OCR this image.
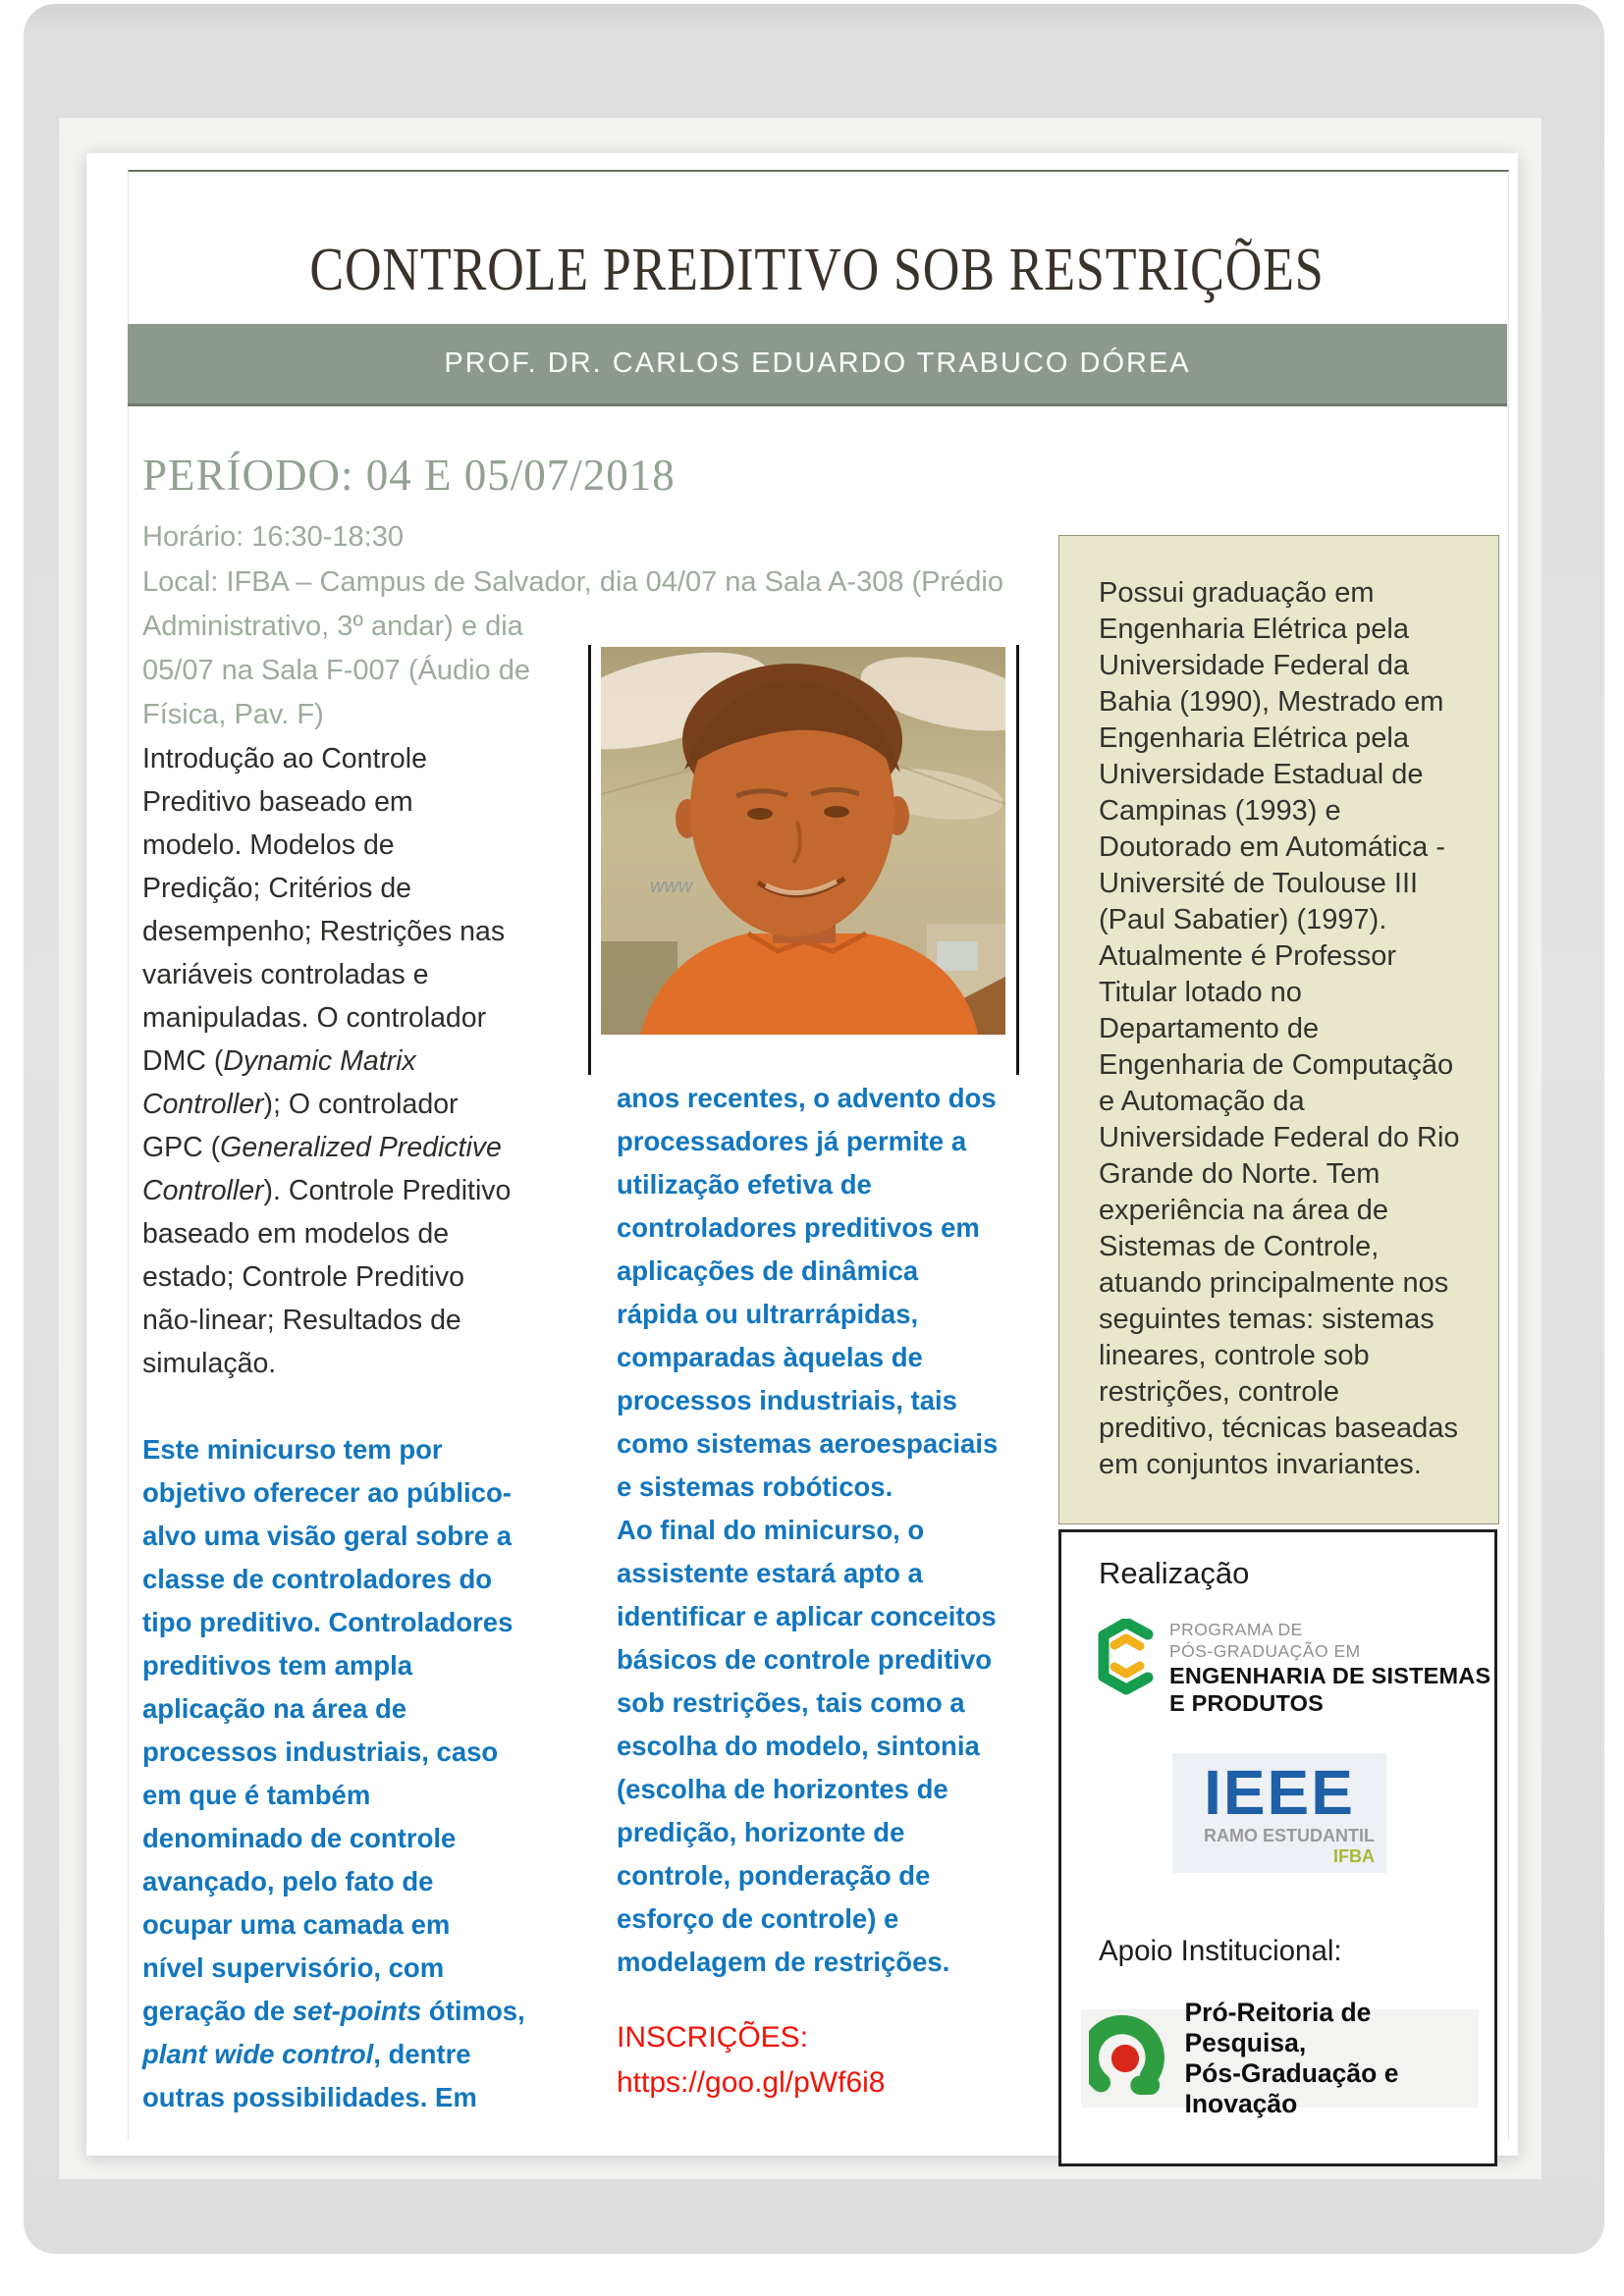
CONTROLE PREDITIVO SOB RESTRIÇÕES
PROF. DR. CARLOS EDUARDO TRABUCO DÓREA
PERÍODO: 04 E 05/07/2018
Horário: 16:30-18:30
Local: IFBA – Campus de Salvador, dia 04/07 na Sala A-308 (Prédio
Administrativo, 3º andar) e dia
05/07 na Sala F-007 (Áudio de
Física, Pav. F)
Introdução ao Controle
Preditivo baseado em
modelo. Modelos de
Predição; Critérios de
desempenho; Restrições nas
variáveis controladas e
manipuladas. O controlador
DMC (Dynamic Matrix
Controller); O controlador
GPC (Generalized Predictive
Controller). Controle Preditivo
baseado em modelos de
estado; Controle Preditivo
não-linear; Resultados de
simulação.
Este minicurso tem por
objetivo oferecer ao público-
alvo uma visão geral sobre a
classe de controladores do
tipo preditivo. Controladores
preditivos tem ampla
aplicação na área de
processos industriais, caso
em que é também
denominado de controle
avançado, pelo fato de
ocupar uma camada em
nível supervisório, com
geração de set-points ótimos,
plant wide control, dentre
outras possibilidades. Em
www
anos recentes, o advento dos
processadores já permite a
utilização efetiva de
controladores preditivos em
aplicações de dinâmica
rápida ou ultrarrápidas,
comparadas àquelas de
processos industriais, tais
como sistemas aeroespaciais
e sistemas robóticos.
Ao final do minicurso, o
assistente estará apto a
identificar e aplicar conceitos
básicos de controle preditivo
sob restrições, tais como a
escolha do modelo, sintonia
(escolha de horizontes de
predição, horizonte de
controle, ponderação de
esforço de controle) e
modelagem de restrições.
INSCRIÇÕES:
https://goo.gl/pWf6i8
Possui graduação em Engenharia Elétrica pela Universidade Federal da Bahia (1990), Mestrado em Engenharia Elétrica pela Universidade Estadual de Campinas (1993) e Doutorado em Automática - Université de Toulouse III (Paul Sabatier) (1997). Atualmente é Professor Titular lotado no Departamento de Engenharia de Computação e Automação da Universidade Federal do Rio Grande do Norte. Tem experiência na área de Sistemas de Controle, atuando principalmente nos seguintes temas: sistemas lineares, controle sob restrições, controle preditivo, técnicas baseadas em conjuntos invariantes.
Realização
PROGRAMA DE
PÓS-GRADUAÇÃO EM
ENGENHARIA DE SISTEMAS
E PRODUTOS
IEEE
RAMO ESTUDANTIL
IFBA
Apoio Institucional:
Pró-Reitoria de Pesquisa,
Pós-Graduação e Inovação
